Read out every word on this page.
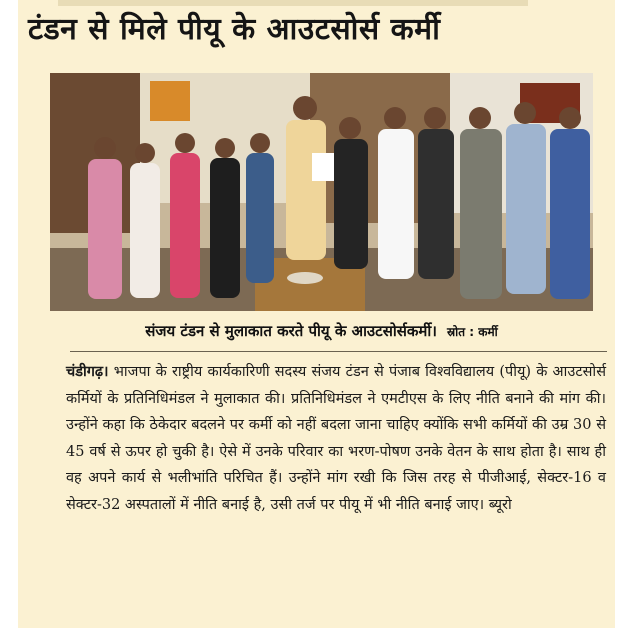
टंडन से मिले पीयू के आउटसोर्स कर्मी
संजय टंडन से मुलाकात करते पीयू के आउटसोर्सकर्मी। स्रोत : कर्मी
चंडीगढ़। भाजपा के राष्ट्रीय कार्यकारिणी सदस्य संजय टंडन से पंजाब विश्वविद्यालय (पीयू) के आउटसोर्स कर्मियों के प्रतिनिधिमंडल ने मुलाकात की। प्रतिनिधिमंडल ने एमटीएस के लिए नीति बनाने की मांग की। उन्होंने कहा कि ठेकेदार बदलने पर कर्मी को नहीं बदला जाना चाहिए क्योंकि सभी कर्मियों की उम्र 30 से 45 वर्ष से ऊपर हो चुकी है। ऐसे में उनके परिवार का भरण-पोषण उनके वेतन के साथ होता है। साथ ही वह अपने कार्य से भलीभांति परिचित हैं। उन्होंने मांग रखी कि जिस तरह से पीजीआई, सेक्टर-16 व सेक्टर-32 अस्पतालों में नीति बनाई है, उसी तर्ज पर पीयू में भी नीति बनाई जाए। ब्यूरो
